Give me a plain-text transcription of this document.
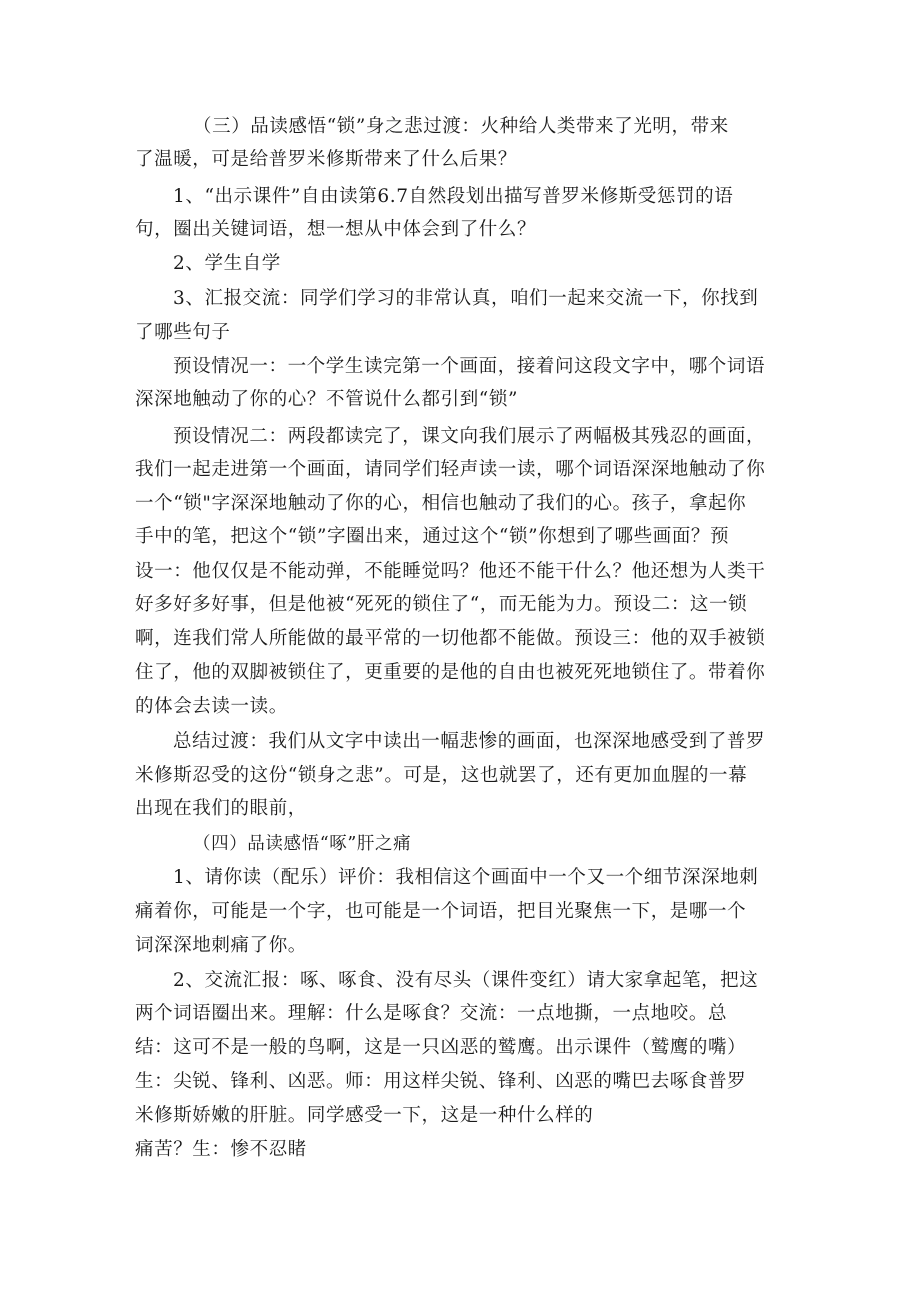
（三）品读感悟“锁”身之悲过渡：火种给人类带来了光明，带来
了温暖，可是给普罗米修斯带来了什么后果？
1、“出示课件”自由读第6.7自然段划出描写普罗米修斯受惩罚的语
句，圈出关键词语，想一想从中体会到了什么？
2、学生自学
3、汇报交流：同学们学习的非常认真，咱们一起来交流一下，你找到
了哪些句子
预设情况一：一个学生读完第一个画面，接着问这段文字中，哪个词语
深深地触动了你的心？不管说什么都引到“锁”
预设情况二：两段都读完了，课文向我们展示了两幅极其残忍的画面，
我们一起走进第一个画面，请同学们轻声读一读，哪个词语深深地触动了你
一个“锁"字深深地触动了你的心，相信也触动了我们的心。孩子，拿起你
手中的笔，把这个“锁”字圈出来，通过这个“锁”你想到了哪些画面？预
设一：他仅仅是不能动弹，不能睡觉吗？他还不能干什么？他还想为人类干
好多好多好事，但是他被“死死的锁住了“，而无能为力。预设二：这一锁
啊，连我们常人所能做的最平常的一切他都不能做。预设三：他的双手被锁
住了，他的双脚被锁住了，更重要的是他的自由也被死死地锁住了。带着你
的体会去读一读。
总结过渡：我们从文字中读出一幅悲惨的画面，也深深地感受到了普罗
米修斯忍受的这份“锁身之悲”。可是，这也就罢了，还有更加血腥的一幕
出现在我们的眼前，
（四）品读感悟“啄”肝之痛
1、请你读（配乐）评价：我相信这个画面中一个又一个细节深深地刺
痛着你，可能是一个字，也可能是一个词语，把目光聚焦一下，是哪一个
词深深地刺痛了你。
2、交流汇报：啄、啄食、没有尽头（课件变红）请大家拿起笔，把这
两个词语圈出来。理解：什么是啄食？交流：一点地撕，一点地咬。总
结：这可不是一般的鸟啊，这是一只凶恶的鹫鹰。出示课件（鹫鹰的嘴）
生：尖锐、锋利、凶恶。师：用这样尖锐、锋利、凶恶的嘴巴去啄食普罗
米修斯娇嫩的肝脏。同学感受一下，这是一种什么样的
痛苦？生：惨不忍睹
